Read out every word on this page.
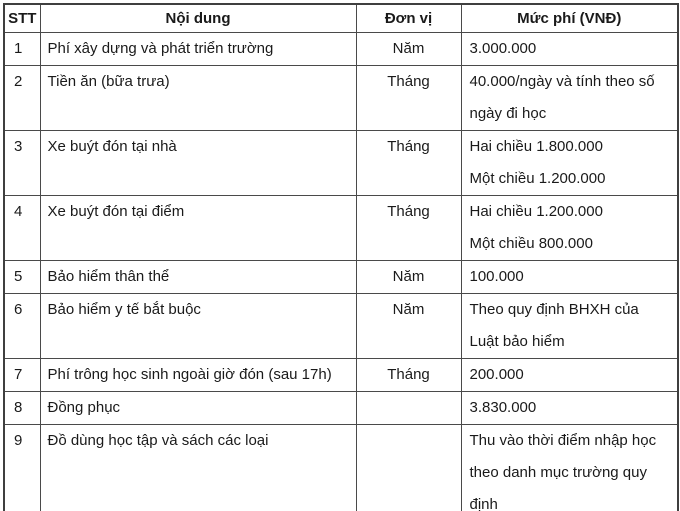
STT	Nội dung	Đơn vị	Mức phí (VNĐ)
1	Phí xây dựng và phát triển trường	Năm	3.000.000

2	Tiền ăn (bữa trưa)	Tháng	40.000/ngày và tính theo số
ngày đi học

3	Xe buýt đón tại nhà	Tháng	Hai chiều 1.800.000
Một chiều 1.200.000

4	Xe buýt đón tại điểm	Tháng	Hai chiều 1.200.000
Một chiều 800.000

5	Bảo hiểm thân thể	Năm	100.000

6	Bảo hiểm y tế bắt buộc	Năm	Theo quy định BHXH của
Luật bảo hiểm

7	Phí trông học sinh ngoài giờ đón (sau 17h)	Tháng	200.000

8	Đồng phục		3.830.000

9	Đồ dùng học tập và sách các loại		Thu vào thời điểm nhập học
theo danh mục trường quy
định
